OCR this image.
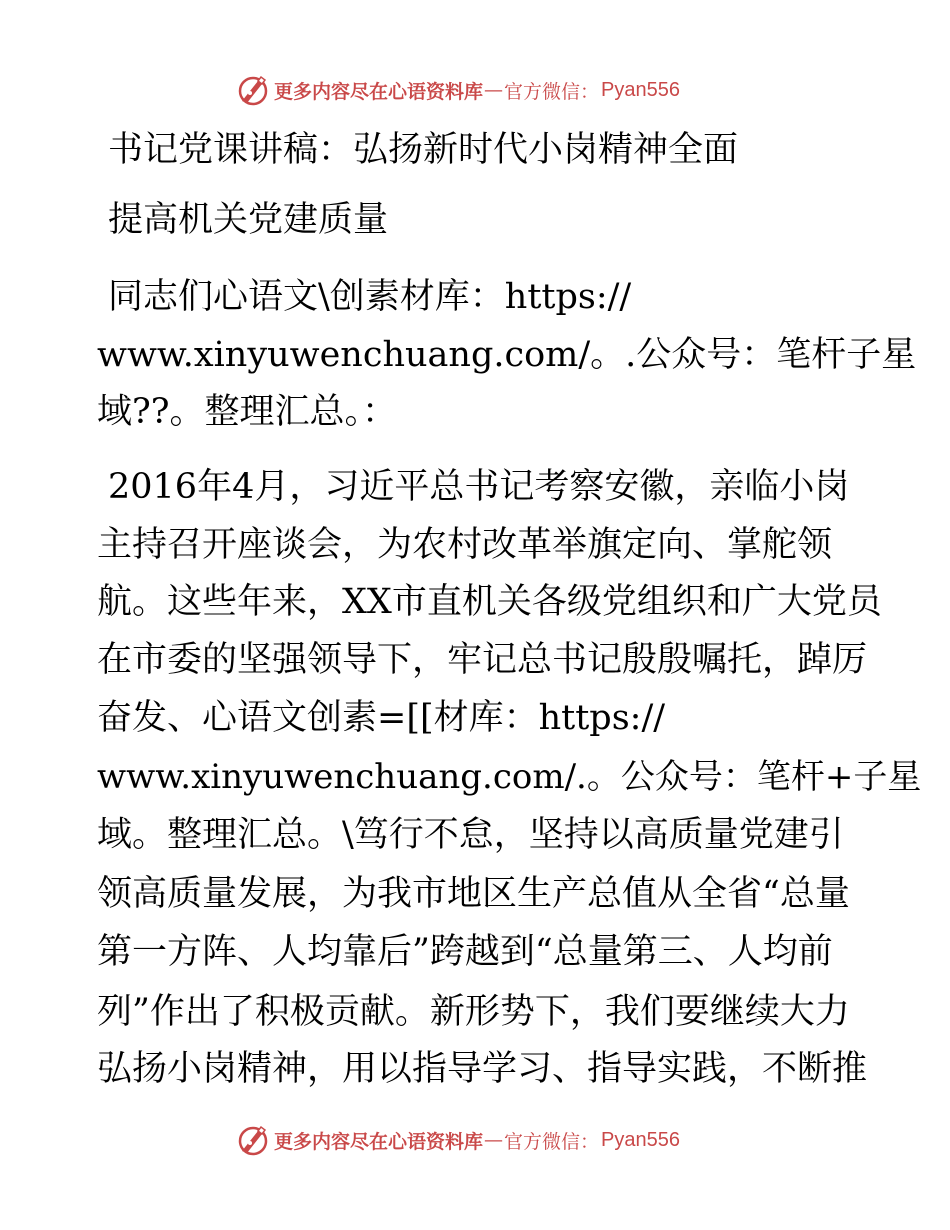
更多内容尽在心语资料库 — 官方微信： Pyan556
书记党课讲稿：弘扬新时代小岗精神全面
提高机关党建质量
同志们心语文\创素材库：https://
www.xinyuwenchuang.com/。.公众号：笔杆子星
域??。整理汇总。：
2016年4月，习近平总书记考察安徽，亲临小岗
主持召开座谈会，为农村改革举旗定向、掌舵领
航。这些年来，XX市直机关各级党组织和广大党员
在市委的坚强领导下，牢记总书记殷殷嘱托，踔厉
奋发、心语文创素=[[材库：https://
www.xinyuwenchuang.com/.。公众号：笔杆+子星
域。整理汇总。\笃行不怠，坚持以高质量党建引
领高质量发展，为我市地区生产总值从全省“总量
第一方阵、人均靠后”跨越到“总量第三、人均前
列”作出了积极贡献。新形势下，我们要继续大力
弘扬小岗精神，用以指导学习、指导实践，不断推
更多内容尽在心语资料库 — 官方微信： Pyan556
